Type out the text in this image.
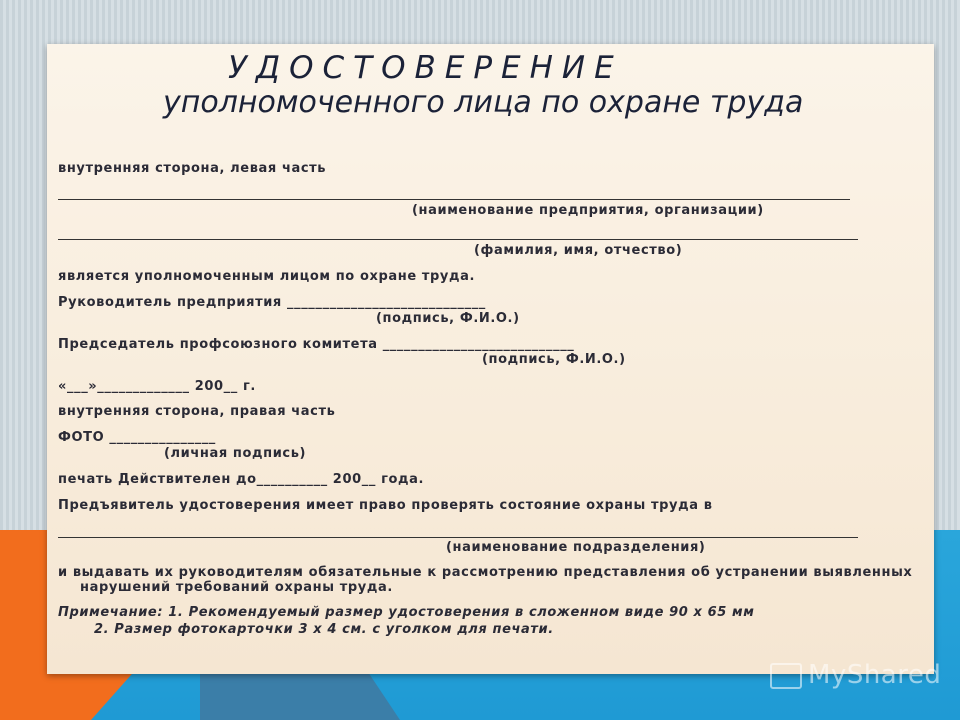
УДОСТОВЕРЕНИЕ
уполномоченного лица по охране труда
внутренняя сторона, левая часть
(наименование предприятия, организации)
(фамилия, имя, отчество)
является уполномоченным лицом по охране труда.
Руководитель предприятия ____________________________
(подпись, Ф.И.О.)
Председатель профсоюзного комитета ___________________________
(подпись, Ф.И.О.)
«___»_____________ 200__ г.
внутренняя сторона, правая часть
ФОТО _______________
(личная подпись)
печать Действителен до__________ 200__ года.
Предъявитель удостоверения имеет право проверять состояние охраны труда в
(наименование подразделения)
и выдавать их руководителям обязательные к рассмотрению представления об устранении выявленных
нарушений требований охраны труда.
Примечание: 1. Рекомендуемый размер удостоверения в сложенном виде 90 х 65 мм
2. Размер фотокарточки 3 х 4 см. с уголком для печати.
MyShared
